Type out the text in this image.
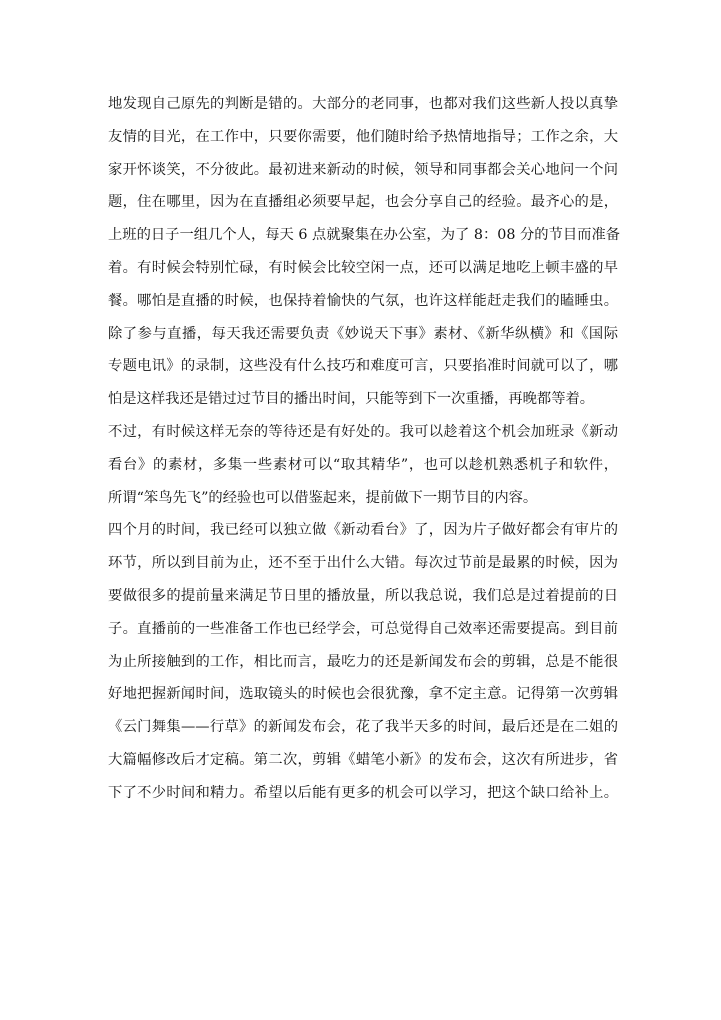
地发现自己原先的判断是错的。大部分的老同事，也都对我们这些新人投以真挚
友情的目光，在工作中，只要你需要，他们随时给予热情地指导；工作之余，大
家开怀谈笑，不分彼此。最初进来新动的时候，领导和同事都会关心地问一个问
题，住在哪里，因为在直播组必须要早起，也会分享自己的经验。最齐心的是，
上班的日子一组几个人，每天 6 点就聚集在办公室，为了 8：08 分的节目而准备
着。有时候会特别忙碌，有时候会比较空闲一点，还可以满足地吃上顿丰盛的早
餐。哪怕是直播的时候，也保持着愉快的气氛，也许这样能赶走我们的瞌睡虫。
除了参与直播，每天我还需要负责《妙说天下事》素材、《新华纵横》和《国际
专题电讯》的录制，这些没有什么技巧和难度可言，只要掐准时间就可以了，哪
怕是这样我还是错过过节目的播出时间，只能等到下一次重播，再晚都等着。
不过，有时候这样无奈的等待还是有好处的。我可以趁着这个机会加班录《新动
看台》的素材，多集一些素材可以“取其精华”，也可以趁机熟悉机子和软件，
所谓“笨鸟先飞”的经验也可以借鉴起来，提前做下一期节目的内容。
四个月的时间，我已经可以独立做《新动看台》了，因为片子做好都会有审片的
环节，所以到目前为止，还不至于出什么大错。每次过节前是最累的时候，因为
要做很多的提前量来满足节日里的播放量，所以我总说，我们总是过着提前的日
子。直播前的一些准备工作也已经学会，可总觉得自己效率还需要提高。到目前
为止所接触到的工作，相比而言，最吃力的还是新闻发布会的剪辑，总是不能很
好地把握新闻时间，选取镜头的时候也会很犹豫，拿不定主意。记得第一次剪辑
《云门舞集——行草》的新闻发布会，花了我半天多的时间，最后还是在二姐的
大篇幅修改后才定稿。第二次，剪辑《蜡笔小新》的发布会，这次有所进步，省
下了不少时间和精力。希望以后能有更多的机会可以学习，把这个缺口给补上。
